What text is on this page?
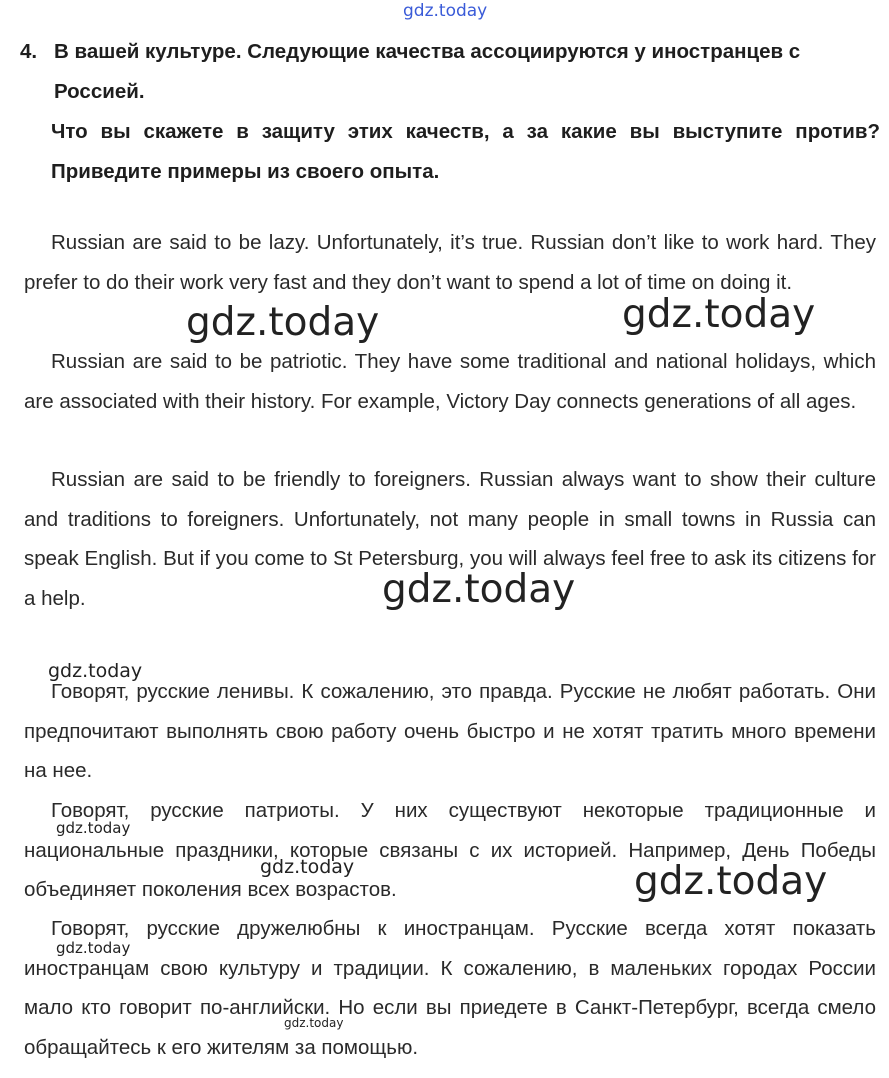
gdz.today
4. В вашей культуре. Следующие качества ассоциируются у иностранцев с Россией.
Что вы скажете в защиту этих качеств, а за какие вы выступите против? Приведите примеры из своего опыта.

Russian are said to be lazy. Unfortunately, it’s true. Russian don’t like to work hard. They prefer to do their work very fast and they don’t want to spend a lot of time on doing it.

Russian are said to be patriotic. They have some traditional and national holidays, which are associated with their history. For example, Victory Day connects generations of all ages.

Russian are said to be friendly to foreigners. Russian always want to show their culture and traditions to foreigners. Unfortunately, not many people in small towns in Russia can speak English. But if you come to St Petersburg, you will always feel free to ask its citizens for a help.

Говорят, русские ленивы. К сожалению, это правда. Русские не любят работать. Они предпочитают выполнять свою работу очень быстро и не хотят тратить много времени на нее.

Говорят, русские патриоты. У них существуют некоторые традиционные и национальные праздники, которые связаны с их историей. Например, День Победы объединяет поколения всех возрастов.

Говорят, русские дружелюбны к иностранцам. Русские всегда хотят показать иностранцам свою культуру и традиции. К сожалению, в маленьких городах России мало кто говорит по-английски. Но если вы приедете в Санкт-Петербург, всегда смело обращайтесь к его жителям за помощью.

gdz.today	gdz.today
gdz.today
gdz.today
gdz.today
gdz.today	gdz.today
gdz.today
gdz.today
